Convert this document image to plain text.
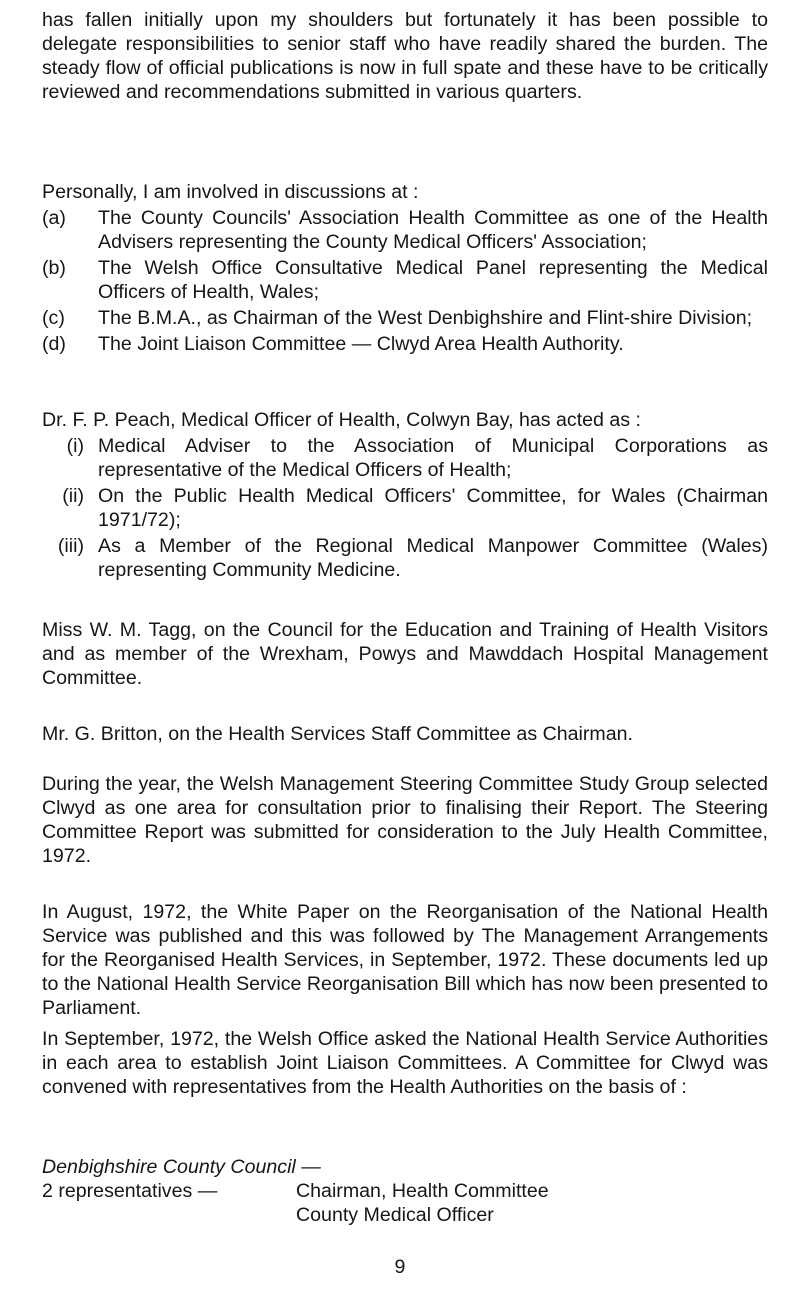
has fallen initially upon my shoulders but fortunately it has been possible to delegate responsibilities to senior staff who have readily shared the burden. The steady flow of official publications is now in full spate and these have to be critically reviewed and recommendations submitted in various quarters.

Personally, I am involved in discussions at :

(a)	The County Councils' Association Health Committee as one of the Health Advisers representing the County Medical Officers' Association;
(b)	The Welsh Office Consultative Medical Panel representing the Medical Officers of Health, Wales;
(c)	The B.M.A., as Chairman of the West Denbighshire and Flint-shire Division;
(d)	The Joint Liaison Committee — Clwyd Area Health Authority.

Dr. F. P. Peach, Medical Officer of Health, Colwyn Bay, has acted as :

(i) Medical Adviser to the Association of Municipal Corporations as representative of the Medical Officers of Health;
(ii) On the Public Health Medical Officers' Committee, for Wales (Chairman 1971/72);
(iii) As a Member of the Regional Medical Manpower Committee (Wales) representing Community Medicine.

Miss W. M. Tagg, on the Council for the Education and Training of Health Visitors and as member of the Wrexham, Powys and Mawddach Hospital Management Committee.

Mr. G. Britton, on the Health Services Staff Committee as Chairman.

During the year, the Welsh Management Steering Committee Study Group selected Clwyd as one area for consultation prior to finalising their Report. The Steering Committee Report was submitted for consideration to the July Health Committee, 1972.

In August, 1972, the White Paper on the Reorganisation of the National Health Service was published and this was followed by The Management Arrangements for the Reorganised Health Services, in September, 1972. These documents led up to the National Health Service Reorganisation Bill which has now been presented to Parliament.

In September, 1972, the Welsh Office asked the National Health Service Authorities in each area to establish Joint Liaison Committees. A Committee for Clwyd was convened with representatives from the Health Authorities on the basis of :

Denbighshire County Council —
2 representatives —	Chairman, Health Committee
County Medical Officer
9
